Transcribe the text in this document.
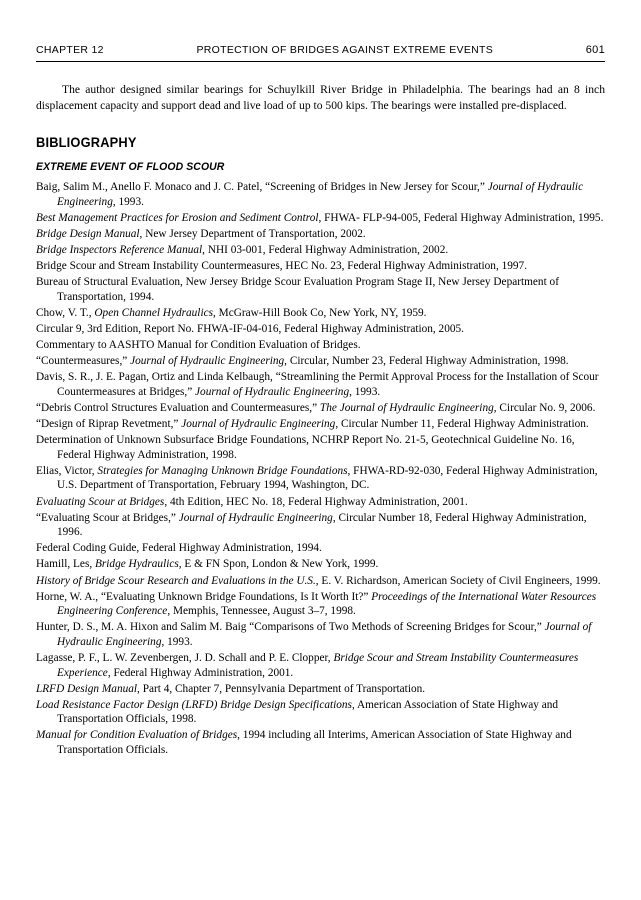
CHAPTER 12	PROTECTION OF BRIDGES AGAINST EXTREME EVENTS	601

The author designed similar bearings for Schuylkill River Bridge in Philadelphia. The bearings had an 8 inch displacement capacity and support dead and live load of up to 500 kips. The bearings were installed pre-displaced.

BIBLIOGRAPHY
EXTREME EVENT OF FLOOD SCOUR
Baig, Salim M., Anello F. Monaco and J. C. Patel, “Screening of Bridges in New Jersey for Scour,” Journal of Hydraulic Engineering, 1993.
Best Management Practices for Erosion and Sediment Control, FHWA- FLP-94-005, Federal Highway Administration, 1995.
Bridge Design Manual, New Jersey Department of Transportation, 2002.
Bridge Inspectors Reference Manual, NHI 03-001, Federal Highway Administration, 2002.
Bridge Scour and Stream Instability Countermeasures, HEC No. 23, Federal Highway Administration, 1997.
Bureau of Structural Evaluation, New Jersey Bridge Scour Evaluation Program Stage II, New Jersey Department of Transportation, 1994.
Chow, V. T., Open Channel Hydraulics, McGraw-Hill Book Co, New York, NY, 1959.
Circular 9, 3rd Edition, Report No. FHWA-IF-04-016, Federal Highway Administration, 2005.
Commentary to AASHTO Manual for Condition Evaluation of Bridges.
“Countermeasures,” Journal of Hydraulic Engineering, Circular, Number 23, Federal Highway Administration, 1998.
Davis, S. R., J. E. Pagan, Ortiz and Linda Kelbaugh, “Streamlining the Permit Approval Process for the Installation of Scour Countermeasures at Bridges,” Journal of Hydraulic Engineering, 1993.
“Debris Control Structures Evaluation and Countermeasures,” The Journal of Hydraulic Engineering, Circular No. 9, 2006.
“Design of Riprap Revetment,” Journal of Hydraulic Engineering, Circular Number 11, Federal Highway Administration.
Determination of Unknown Subsurface Bridge Foundations, NCHRP Report No. 21-5, Geotechnical Guideline No. 16, Federal Highway Administration, 1998.
Elias, Victor, Strategies for Managing Unknown Bridge Foundations, FHWA-RD-92-030, Federal Highway Administration, U.S. Department of Transportation, February 1994, Washington, DC.
Evaluating Scour at Bridges, 4th Edition, HEC No. 18, Federal Highway Administration, 2001.
“Evaluating Scour at Bridges,” Journal of Hydraulic Engineering, Circular Number 18, Federal Highway Administration, 1996.
Federal Coding Guide, Federal Highway Administration, 1994.
Hamill, Les, Bridge Hydraulics, E & FN Spon, London & New York, 1999.
History of Bridge Scour Research and Evaluations in the U.S., E. V. Richardson, American Society of Civil Engineers, 1999.
Horne, W. A., “Evaluating Unknown Bridge Foundations, Is It Worth It?” Proceedings of the International Water Resources Engineering Conference, Memphis, Tennessee, August 3–7, 1998.
Hunter, D. S., M. A. Hixon and Salim M. Baig “Comparisons of Two Methods of Screening Bridges for Scour,” Journal of Hydraulic Engineering, 1993.
Lagasse, P. F., L. W. Zevenbergen, J. D. Schall and P. E. Clopper, Bridge Scour and Stream Instability Countermeasures Experience, Federal Highway Administration, 2001.
LRFD Design Manual, Part 4, Chapter 7, Pennsylvania Department of Transportation.
Load Resistance Factor Design (LRFD) Bridge Design Specifications, American Association of State Highway and Transportation Officials, 1998.
Manual for Condition Evaluation of Bridges, 1994 including all Interims, American Association of State Highway and Transportation Officials.
